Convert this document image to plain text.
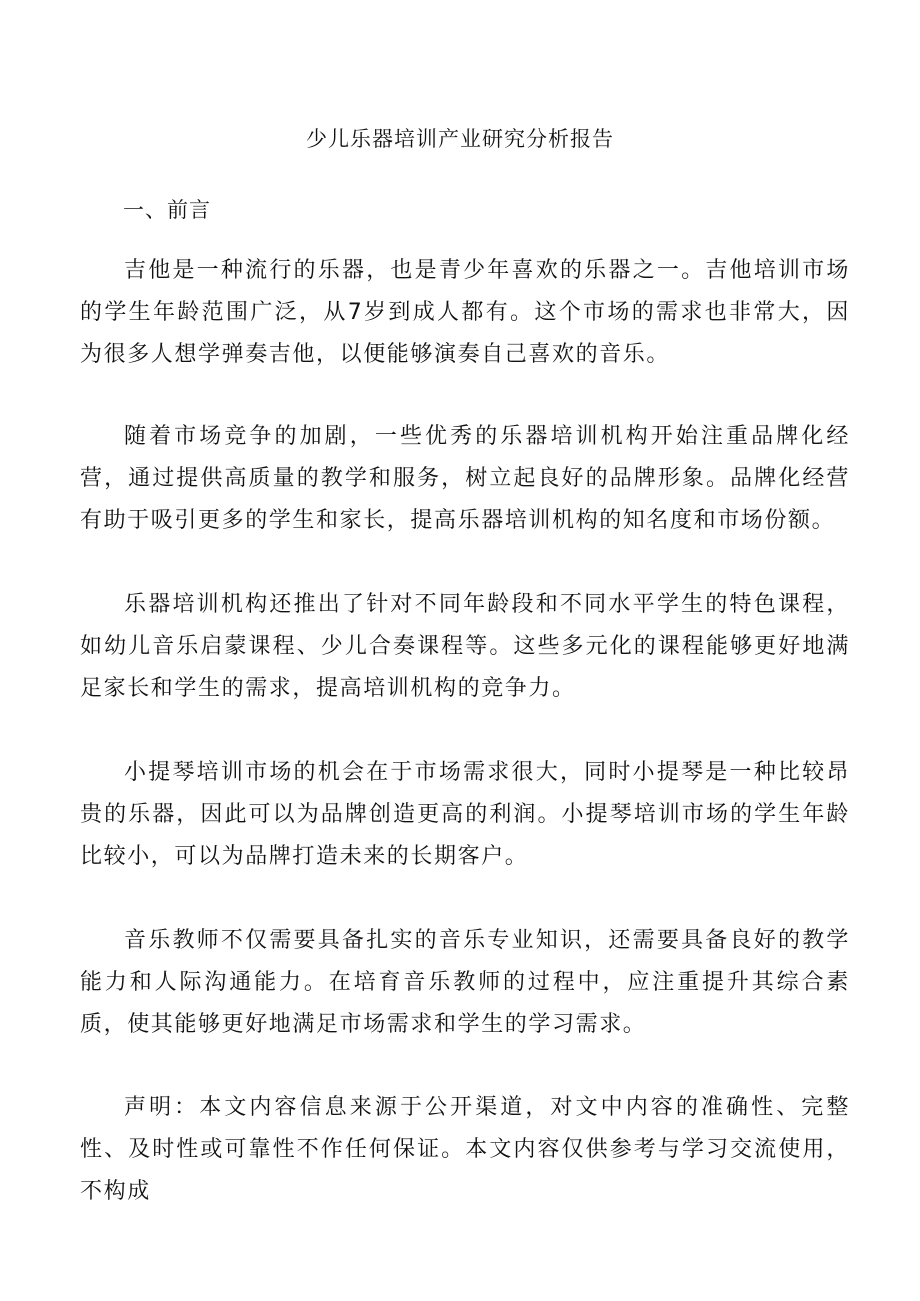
少儿乐器培训产业研究分析报告
一、前言

吉他是一种流行的乐器，也是青少年喜欢的乐器之一。吉他培训市场的学生年龄范围广泛，从7岁到成人都有。这个市场的需求也非常大，因为很多人想学弹奏吉他，以便能够演奏自己喜欢的音乐。

随着市场竞争的加剧，一些优秀的乐器培训机构开始注重品牌化经营，通过提供高质量的教学和服务，树立起良好的品牌形象。品牌化经营有助于吸引更多的学生和家长，提高乐器培训机构的知名度和市场份额。

乐器培训机构还推出了针对不同年龄段和不同水平学生的特色课程，如幼儿音乐启蒙课程、少儿合奏课程等。这些多元化的课程能够更好地满足家长和学生的需求，提高培训机构的竞争力。

小提琴培训市场的机会在于市场需求很大，同时小提琴是一种比较昂贵的乐器，因此可以为品牌创造更高的利润。小提琴培训市场的学生年龄比较小，可以为品牌打造未来的长期客户。

音乐教师不仅需要具备扎实的音乐专业知识，还需要具备良好的教学能力和人际沟通能力。在培育音乐教师的过程中，应注重提升其综合素质，使其能够更好地满足市场需求和学生的学习需求。

声明：本文内容信息来源于公开渠道，对文中内容的准确性、完整性、及时性或可靠性不作任何保证。本文内容仅供参考与学习交流使用，不构成
